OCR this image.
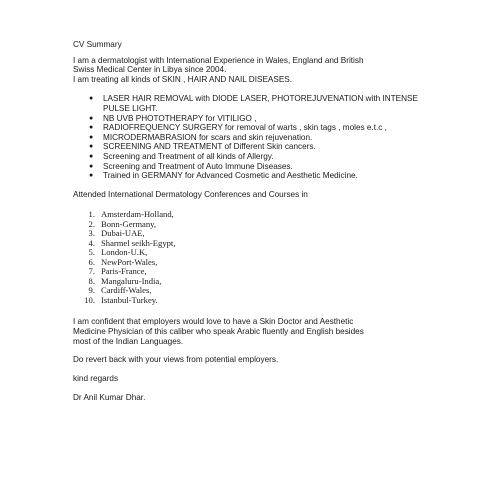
CV Summary

I am a dermatologist with International Experience in Wales, England and British

Swiss Medical Center in Libya since 2004.

I am treating all kinds of SKIN , HAIR AND NAIL DISEASES.

● LASER HAIR REMOVAL with DIODE LASER, PHOTOREJUVENATION with INTENSE PULSE LIGHT.
● NB UVB PHOTOTHERAPY for VITILIGO ,
● RADIOFREQUENCY SURGERY for removal of warts , skin tags , moles e.t.c ,
● MICRODERMABRASION for scars and skin rejuvenation.
● SCREENING AND TREATMENT of Different Skin cancers.
● Screening and Treatment of all kinds of Allergy.
● Screening and Treatment of Auto Immune Diseases.
● Trained in GERMANY for Advanced Cosmetic and Aesthetic Medicine.

Attended International Dermatology Conferences and Courses in

1. Amsterdam-Holland,
2. Bonn-Germany,
3. Dubai-UAE,
4. Sharmel seikh-Egypt,
5. London-U.K,
6. NewPort-Wales,
7. Paris-France,
8. Mangaluru-India,
9. Cardiff-Wales,
10. Istanbul-Turkey.

I am confident that employers would love to have a Skin Doctor and Aesthetic

Medicine Physician of this caliber who speak Arabic fluently and English besides

most of the Indian Languages.

Do revert back with your views from potential employers.

kind regards

Dr Anil Kumar Dhar.
